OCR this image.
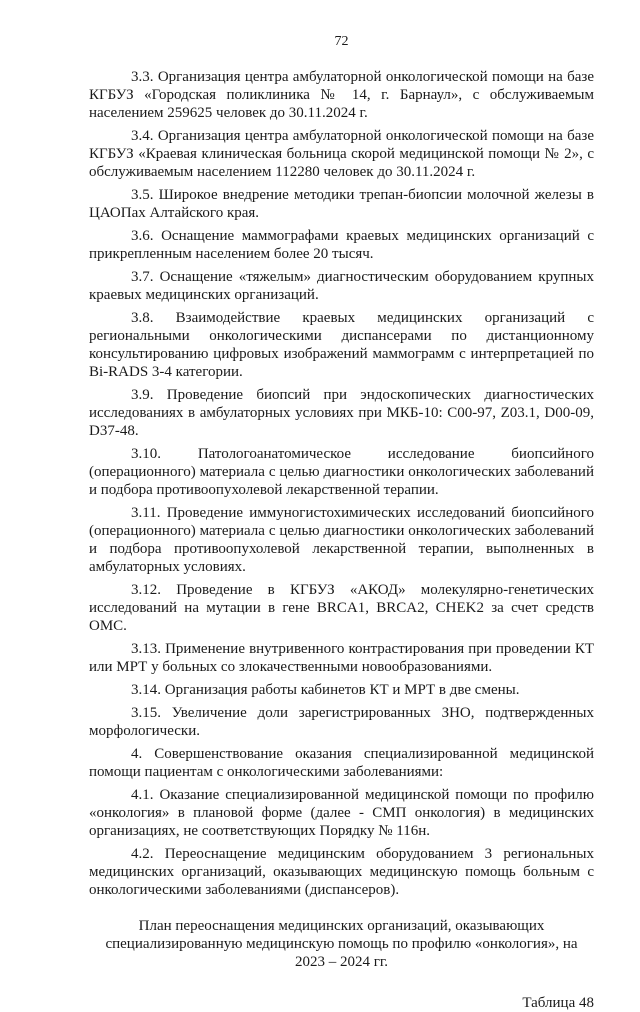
72

3.3. Организация центра амбулаторной онкологической помощи на базе КГБУЗ «Городская поликлиника № 14, г. Барнаул», с обслуживаемым населением 259625 человек до 30.11.2024 г.

3.4. Организация центра амбулаторной онкологической помощи на базе КГБУЗ «Краевая клиническая больница скорой медицинской помощи № 2», с обслуживаемым населением 112280 человек до 30.11.2024 г.

3.5. Широкое внедрение методики трепан-биопсии молочной железы в ЦАОПах Алтайского края.

3.6. Оснащение маммографами краевых медицинских организаций с прикрепленным населением более 20 тысяч.

3.7. Оснащение «тяжелым» диагностическим оборудованием крупных краевых медицинских организаций.

3.8. Взаимодействие краевых медицинских организаций с региональными онкологическими диспансерами по дистанционному консультированию цифровых изображений маммограмм с интерпретацией по Bi-RADS 3-4 категории.

3.9. Проведение биопсий при эндоскопических диагностических исследованиях в амбулаторных условиях при МКБ-10: С00-97, Z03.1, D00-09, D37-48.

3.10. Патологоанатомическое исследование биопсийного (операционного) материала с целью диагностики онкологических заболеваний и подбора противоопухолевой лекарственной терапии.

3.11. Проведение иммуногистохимических исследований биопсийного (операционного) материала с целью диагностики онкологических заболеваний и подбора противоопухолевой лекарственной терапии, выполненных в амбулаторных условиях.

3.12. Проведение в КГБУЗ «АКОД» молекулярно-генетических исследований на мутации в гене BRCA1, BRCA2, CHEK2 за счет средств ОМС.

3.13. Применение внутривенного контрастирования при проведении КТ или МРТ у больных со злокачественными новообразованиями.

3.14. Организация работы кабинетов КТ и МРТ в две смены.

3.15. Увеличение доли зарегистрированных ЗНО, подтвержденных морфологически.

4. Совершенствование оказания специализированной медицинской помощи пациентам с онкологическими заболеваниями:

4.1. Оказание специализированной медицинской помощи по профилю «онкология» в плановой форме (далее - СМП онкология) в медицинских организациях, не соответствующих Порядку № 116н.

4.2. Переоснащение медицинским оборудованием 3 региональных медицинских организаций, оказывающих медицинскую помощь больным с онкологическими заболеваниями (диспансеров).

План переоснащения медицинских организаций, оказывающих специализированную медицинскую помощь по профилю «онкология», на 2023 – 2024 гг.

Таблица 48
